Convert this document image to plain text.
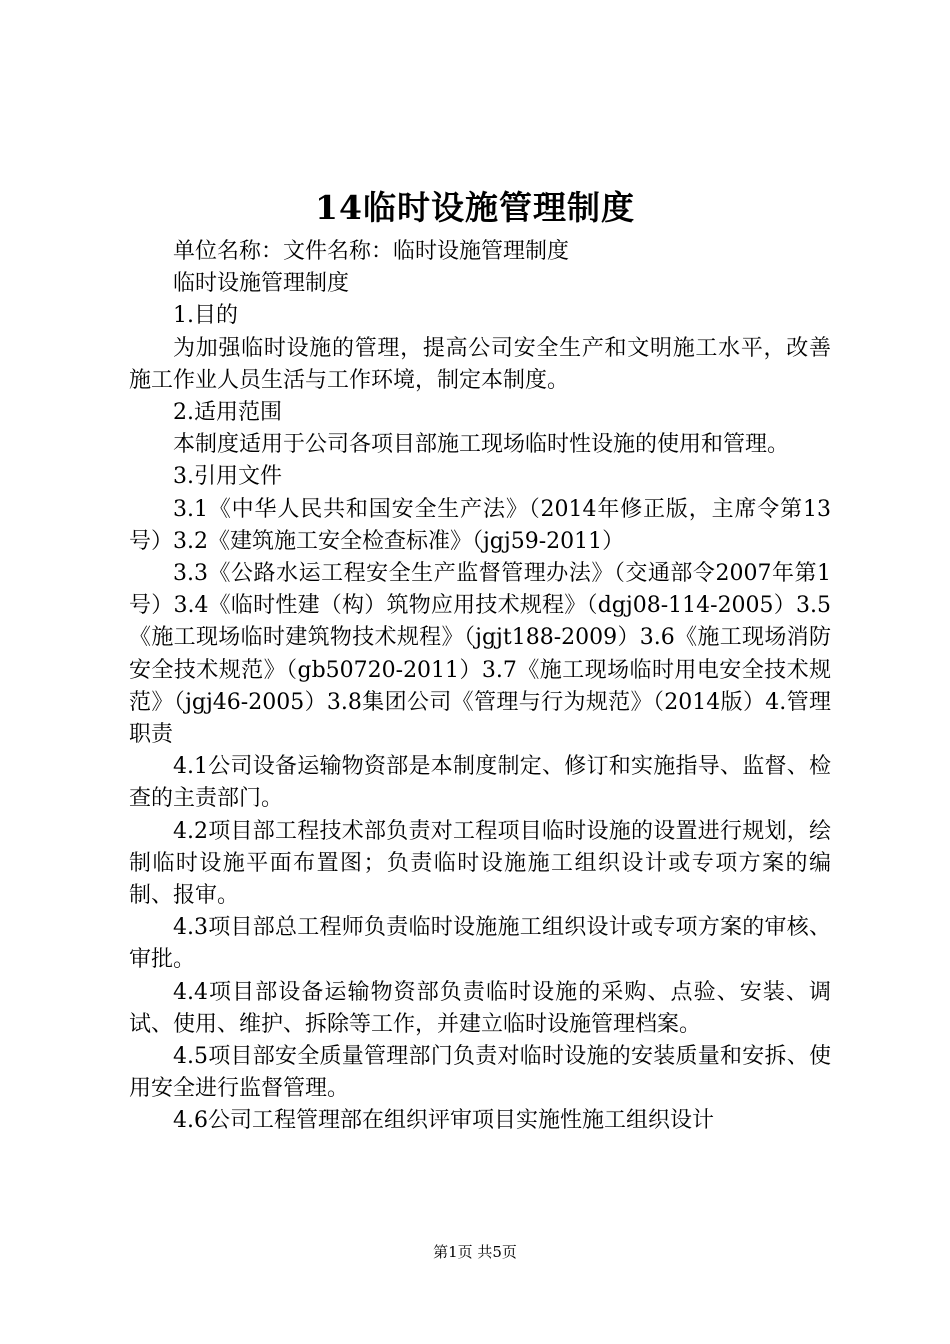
14临时设施管理制度

单位名称：文件名称：临时设施管理制度

临时设施管理制度

1.目的

为加强临时设施的管理，提高公司安全生产和文明施工水平，改善施工作业人员生活与工作环境，制定本制度。

2.适用范围

本制度适用于公司各项目部施工现场临时性设施的使用和管理。

3.引用文件

3.1《中华人民共和国安全生产法》（2014年修正版，主席令第13号）3.2《建筑施工安全检查标准》（jgj59-2011）

3.3《公路水运工程安全生产监督管理办法》（交通部令2007年第1号）3.4《临时性建（构）筑物应用技术规程》（dgj08-114-2005）3.5《施工现场临时建筑物技术规程》（jgjt188-2009）3.6《施工现场消防安全技术规范》（gb50720-2011）3.7《施工现场临时用电安全技术规范》（jgj46-2005）3.8集团公司《管理与行为规范》（2014版）4.管理职责

4.1公司设备运输物资部是本制度制定、修订和实施指导、监督、检查的主责部门。

4.2项目部工程技术部负责对工程项目临时设施的设置进行规划，绘制临时设施平面布置图；负责临时设施施工组织设计或专项方案的编制、报审。

4.3项目部总工程师负责临时设施施工组织设计或专项方案的审核、审批。

4.4项目部设备运输物资部负责临时设施的采购、点验、安装、调试、使用、维护、拆除等工作，并建立临时设施管理档案。

4.5项目部安全质量管理部门负责对临时设施的安装质量和安拆、使用安全进行监督管理。

4.6公司工程管理部在组织评审项目实施性施工组织设计

第1页 共5页
